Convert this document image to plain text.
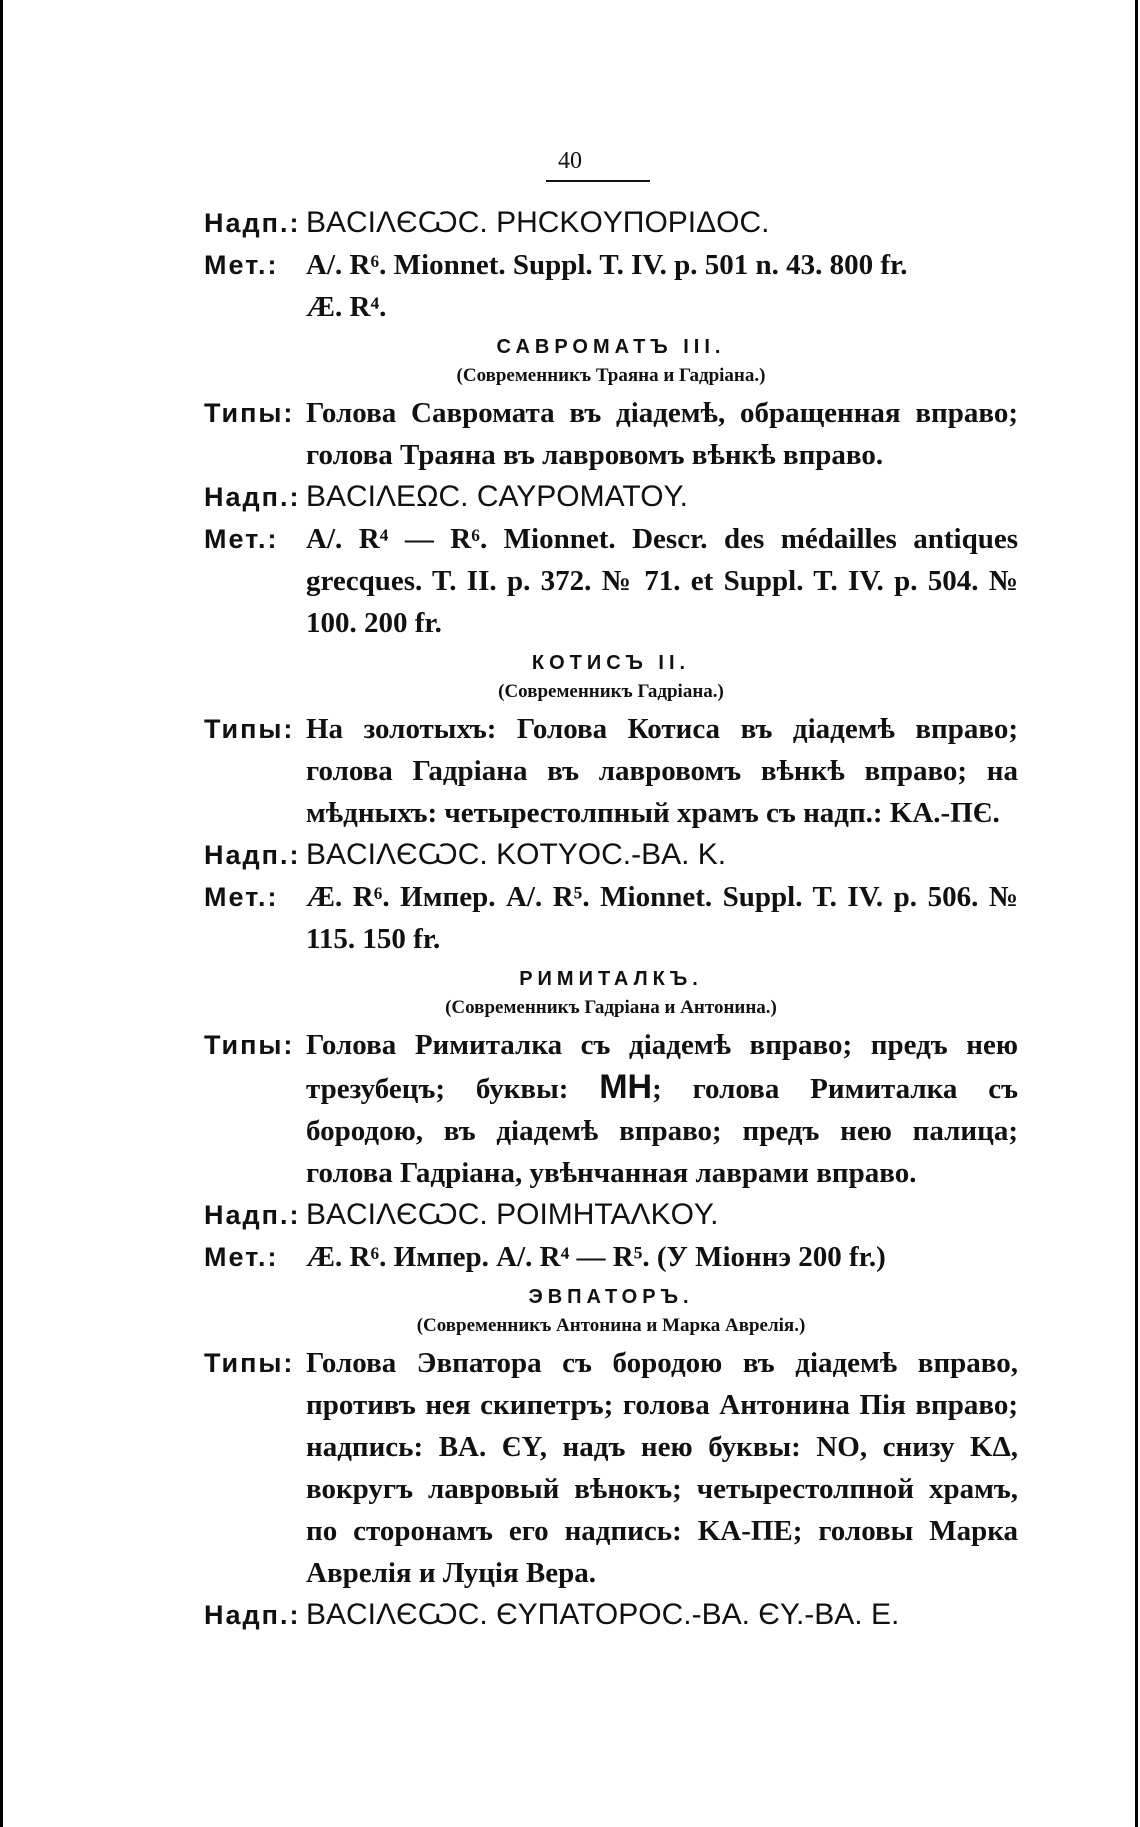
40
Надп.: BACIΛЄѠC. PHCKOYΠOPIΔOC.
Мет.: A/. R⁶. Mionnet. Suppl. T. IV. p. 501 n. 43. 800 fr.
Æ. R⁴.
САВРОМАТЪ III.
(Современникъ Траяна и Гадріана.)
Типы: Голова Савромата въ діадемѣ, обращенная вправо; голова Траяна въ лавровомъ вѣнкѣ вправо.
Надп.: BACIΛEΩC. CAYPOMATOY.
Мет.: A/. R⁴ — R⁶. Mionnet. Descr. des médailles antiques grecques. T. II. p. 372. № 71. et Suppl. T. IV. p. 504. № 100. 200 fr.
КОТИСЪ II.
(Современникъ Гадріана.)
Типы: На золотыхъ: Голова Котиса въ діадемѣ вправо; голова Гадріана въ лавровомъ вѣнкѣ вправо; на мѣдныхъ: четырестолпный храмъ съ надп.: KA.-ΠЄ.
Надп.: BACIΛЄѠC. KOTYOC.-BA. K.
Мет.: Æ. R⁶. Импер. A/. R⁵. Mionnet. Suppl. T. IV. p. 506. № 115. 150 fr.
РИМИТАЛКЪ.
(Современникъ Гадріана и Антонина.)
Типы: Голова Римиталка съ діадемѣ вправо; предъ нею трезубецъ; буквы: MH; голова Римиталка съ бородою, въ діадемѣ вправо; предъ нею палица; голова Гадріана, увѣнчанная лаврами вправо.
Надп.: BACIΛЄѠC. POIMHTAΛKOY.
Мет.: Æ. R⁶. Импер. A/. R⁴ — R⁵. (У Міоннэ 200 fr.)
ЭВПАТОРЪ.
(Современникъ Антонина и Марка Аврелія.)
Типы: Голова Эвпатора съ бородою въ діадемѣ вправо, противъ нея скипетръ; голова Антонина Пія вправо; надпись: BA. ЄY, надъ нею буквы: NO, снизу KΔ, вокругъ лавровый вѣнокъ; четырестолпной храмъ, по сторонамъ его надпись: KA-ΠE; головы Марка Аврелія и Луція Вера.
Надп.: BACIΛЄѠC. ЄYΠATOPOC.-BA. ЄY.-BA. E.
